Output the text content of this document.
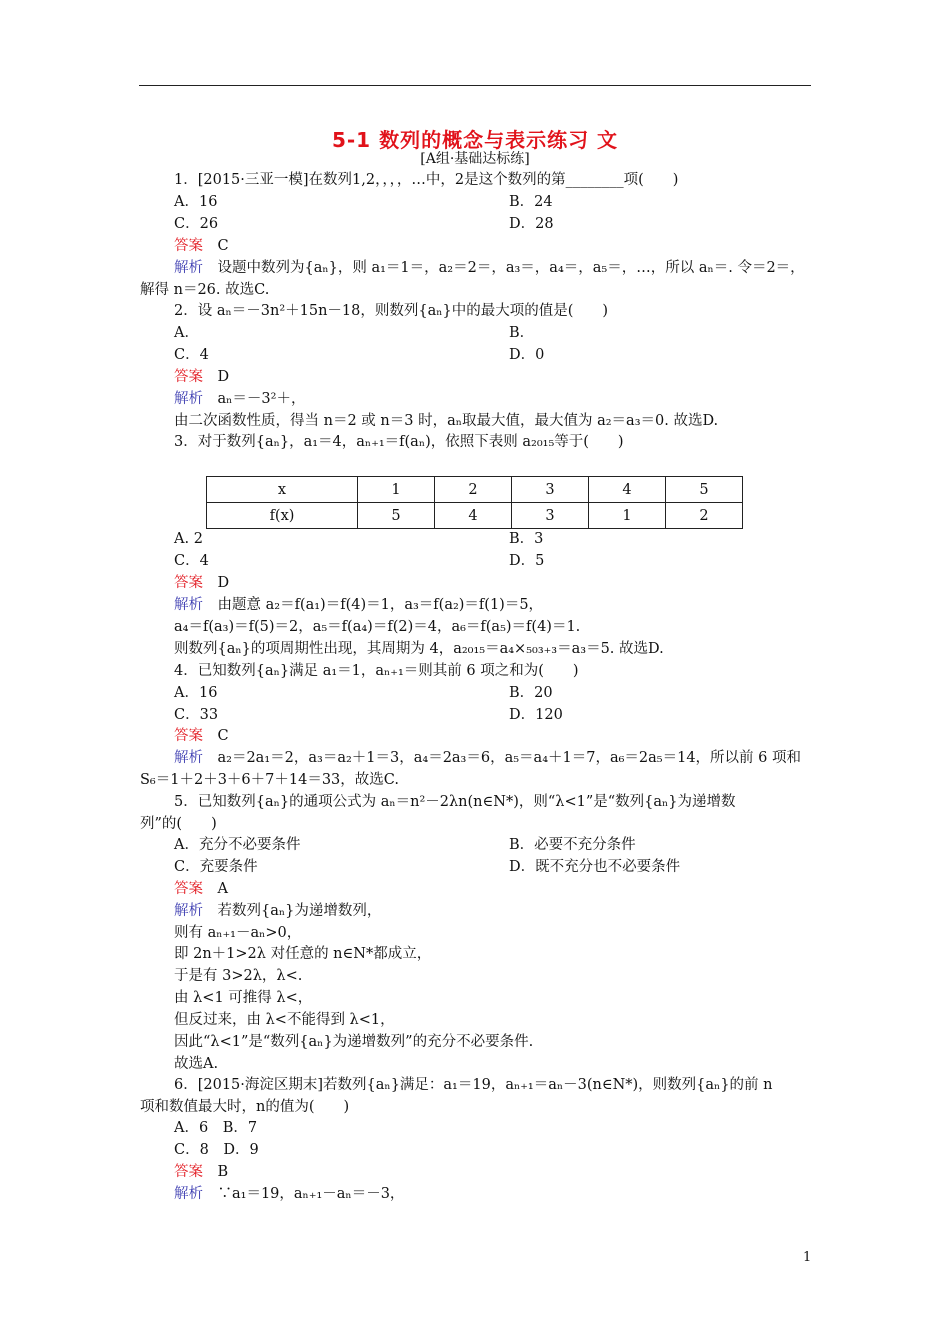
5-1 数列的概念与表示练习 文
[A组·基础达标练]
1．[2015·三亚一模]在数列1,2，，，，…中，2是这个数列的第________项(　　)
A．16	B．24
C．26	D．28
答案　 C
解析　 设题中数列为{aₙ}，则 a₁＝1＝，a₂＝2＝，a₃＝，a₄＝，a₅＝，…，所以 aₙ＝. 令＝2＝，
解得 n＝26. 故选C.
2．设 aₙ＝－3n²＋15n－18，则数列{aₙ}中的最大项的值是(　　)
A．	B．
C．4	D．0
答案　 D
解析　 aₙ＝－3²＋，
由二次函数性质，得当 n＝2 或 n＝3 时，aₙ取最大值，最大值为 a₂＝a₃＝0. 故选D.
3．对于数列{aₙ}，a₁＝4，aₙ₊₁＝f(aₙ)，依照下表则 a₂₀₁₅等于(　　)
x	1	2	3	4	5
f(x)	5	4	3	1	2
A. 2	B．3
C．4	D．5
答案　 D
解析　 由题意 a₂＝f(a₁)＝f(4)＝1，a₃＝f(a₂)＝f(1)＝5，
a₄＝f(a₃)＝f(5)＝2，a₅＝f(a₄)＝f(2)＝4，a₆＝f(a₅)＝f(4)＝1.
则数列{aₙ}的项周期性出现，其周期为 4，a₂₀₁₅＝a₄×₅₀₃₊₃＝a₃＝5. 故选D.
4．已知数列{aₙ}满足 a₁＝1，aₙ₊₁＝则其前 6 项之和为(　　)
A．16	B．20
C．33	D．120
答案　 C
解析　 a₂＝2a₁＝2，a₃＝a₂＋1＝3，a₄＝2a₃＝6，a₅＝a₄＋1＝7，a₆＝2a₅＝14，所以前 6 项和
S₆＝1＋2＋3＋6＋7＋14＝33，故选C.
5．已知数列{aₙ}的通项公式为 aₙ＝n²－2λn(n∈N*)，则“λ<1”是“数列{aₙ}为递增数
列”的(　　)
A．充分不必要条件	B．必要不充分条件
C．充要条件	D．既不充分也不必要条件
答案　 A
解析　 若数列{aₙ}为递增数列，
则有 aₙ₊₁－aₙ>0，
即 2n＋1>2λ 对任意的 n∈N*都成立，
于是有 3>2λ，λ<.
由 λ<1 可推得 λ<，
但反过来，由 λ<不能得到 λ<1，
因此“λ<1”是“数列{aₙ}为递增数列”的充分不必要条件.
故选A.
6．[2015·海淀区期末]若数列{aₙ}满足：a₁＝19，aₙ₊₁＝aₙ－3(n∈N*)，则数列{aₙ}的前 n
项和数值最大时，n的值为(　　)
A．6　B．7
C．8　D．9
答案　 B
解析　 ∵a₁＝19，aₙ₊₁－aₙ＝－3，
1
